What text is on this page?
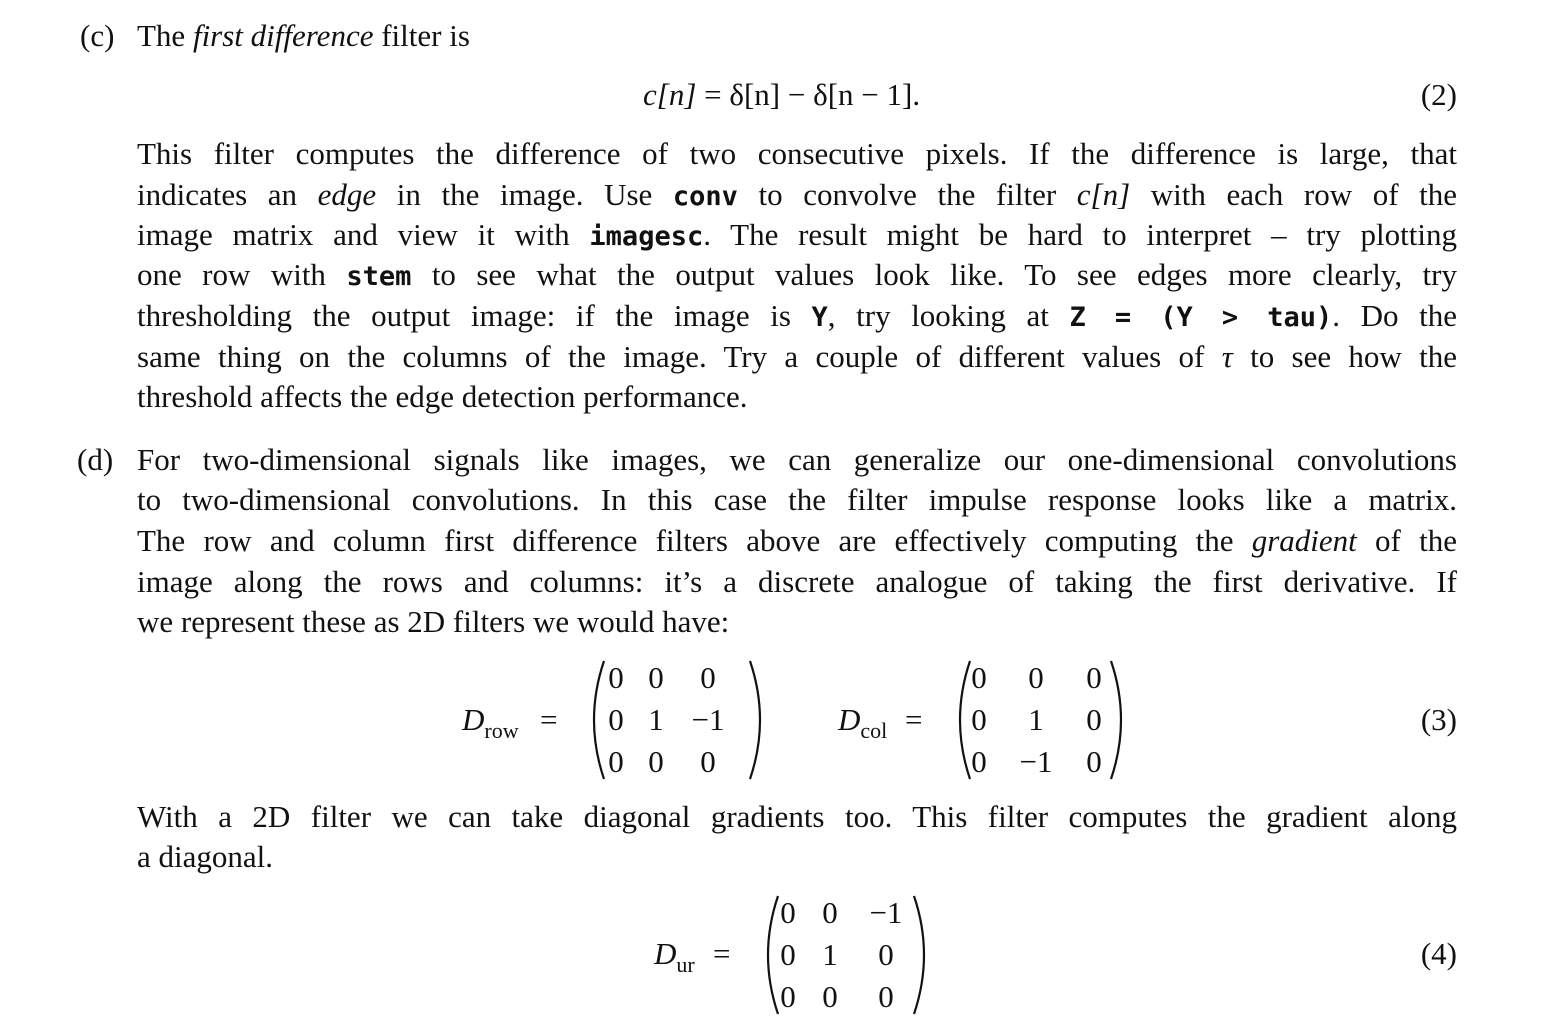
(c) The first difference filter is
c[n] = δ[n] − δ[n − 1].	(2)
This filter computes the difference of two consecutive pixels. If the difference is large, that
indicates an edge in the image. Use conv to convolve the filter c[n] with each row of the
image matrix and view it with imagesc. The result might be hard to interpret – try plotting
one row with stem to see what the output values look like. To see edges more clearly, try
thresholding the output image: if the image is Y, try looking at Z = (Y > tau). Do the
same thing on the columns of the image. Try a couple of different values of τ to see how the
threshold affects the edge detection performance.
(d) For two-dimensional signals like images, we can generalize our one-dimensional convolutions
to two-dimensional convolutions. In this case the filter impulse response looks like a matrix.
The row and column first difference filters above are effectively computing the gradient of the
image along the rows and columns: it’s a discrete analogue of taking the first derivative. If
we represent these as 2D filters we would have:
$D_{row}$ =
0 0	0
0 1 −1
0 0	0
$D_{col}$ =
0	0	0
0	1	0
0	−1	0
(3)
With a 2D filter we can take diagonal gradients too. This filter computes the gradient along
a diagonal.
$D_{ur}$ =
0 0	−1
0 1	0
0 0	0
(4)
